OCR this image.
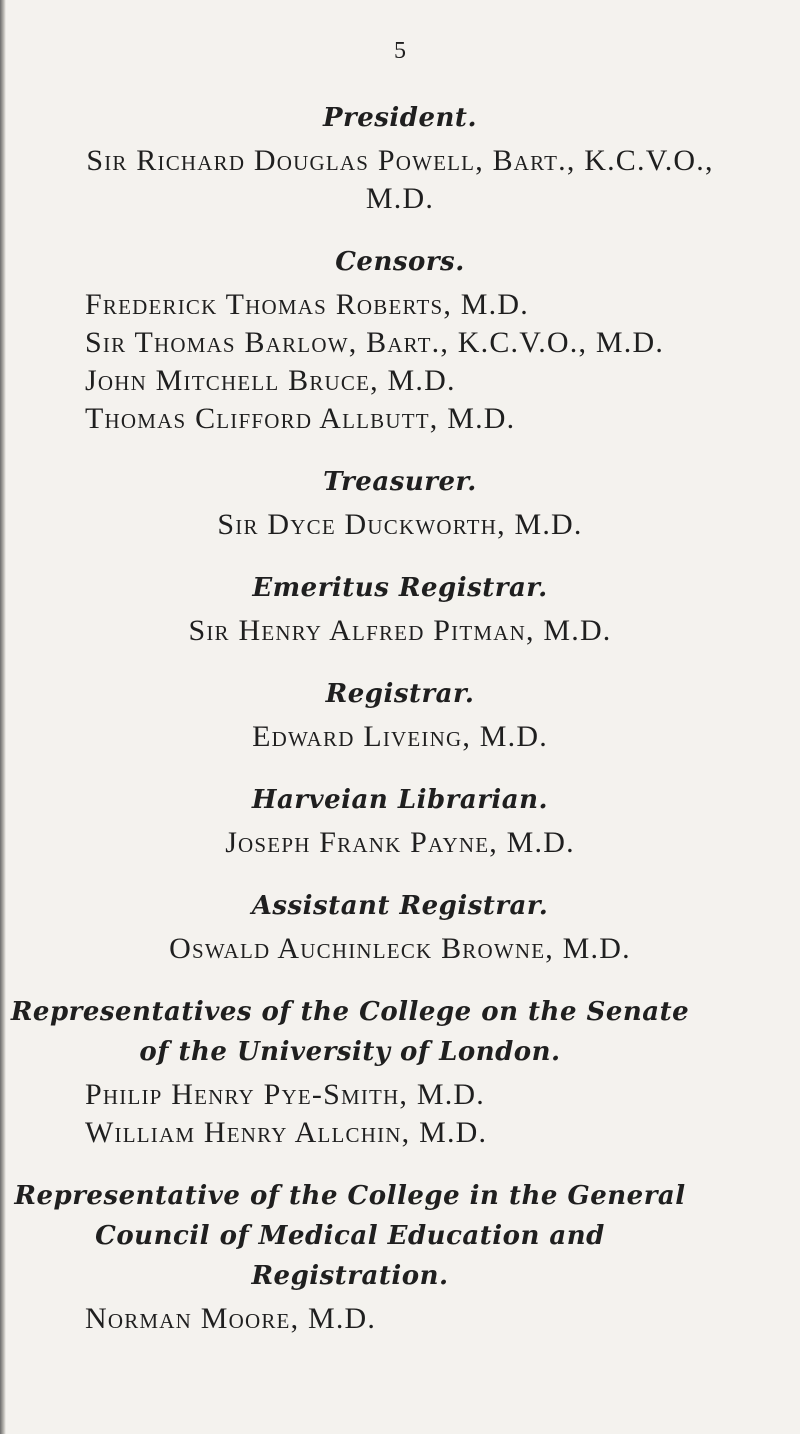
5
President.
Sir Richard Douglas Powell, Bart., K.C.V.O., M.D.
Censors.
Frederick Thomas Roberts, M.D.
Sir Thomas Barlow, Bart., K.C.V.O., M.D.
John Mitchell Bruce, M.D.
Thomas Clifford Allbutt, M.D.
Treasurer.
Sir Dyce Duckworth, M.D.
Emeritus Registrar.
Sir Henry Alfred Pitman, M.D.
Registrar.
Edward Liveing, M.D.
Harveian Librarian.
Joseph Frank Payne, M.D.
Assistant Registrar.
Oswald Auchinleck Browne, M.D.
Representatives of the College on the Senate of the University of London.
Philip Henry Pye-Smith, M.D.
William Henry Allchin, M.D.
Representative of the College in the General Council of Medical Education and Registration.
Norman Moore, M.D.
